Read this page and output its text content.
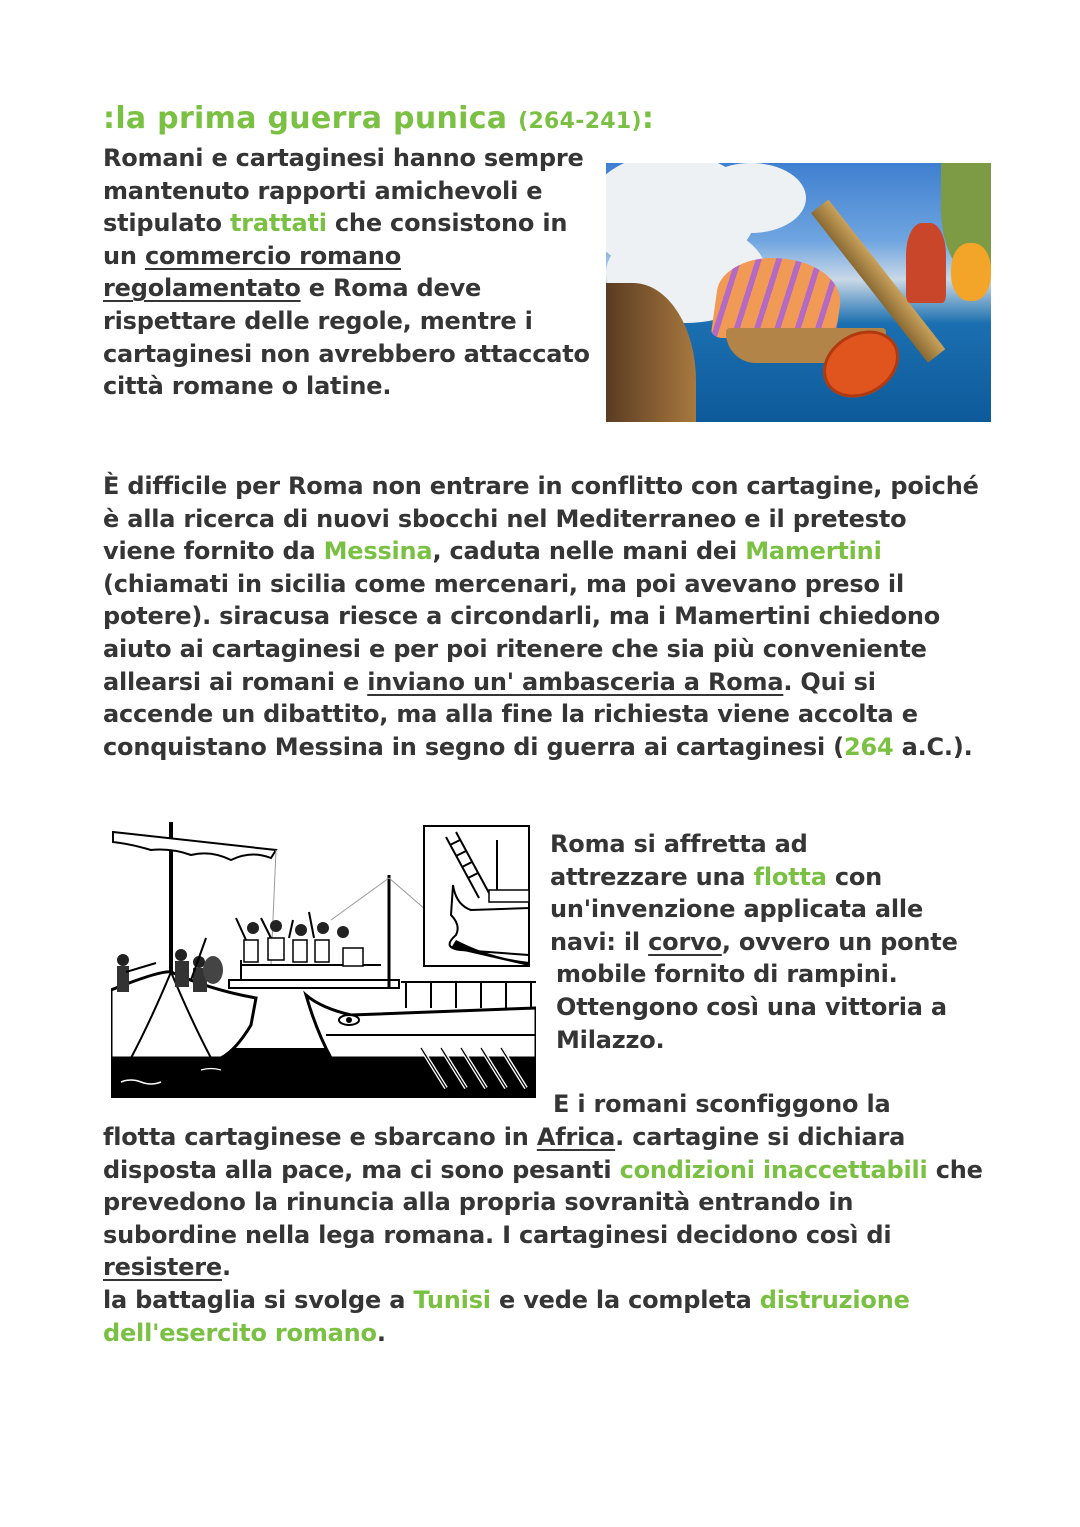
:la prima guerra punica (264-241):

Romani e cartaginesi hanno sempre mantenuto rapporti amichevoli e stipulato trattati che consistono in un commercio romano regolamentato e Roma deve rispettare delle regole, mentre i cartaginesi non avrebbero attaccato città romane o latine.

È difficile per Roma non entrare in conflitto con cartagine, poiché è alla ricerca di nuovi sbocchi nel Mediterraneo e il pretesto viene fornito da Messina, caduta nelle mani dei Mamertini (chiamati in sicilia come mercenari, ma poi avevano preso il potere). siracusa riesce a circondarli, ma i Mamertini chiedono aiuto ai cartaginesi e per poi ritenere che sia più conveniente allearsi ai romani e inviano un' ambasceria a Roma. Qui si accende un dibattito, ma alla fine la richiesta viene accolta e conquistano Messina in segno di guerra ai cartaginesi (264 a.C.).

Roma si affretta ad
attrezzare una flotta con
un'invenzione applicata alle
navi: il corvo, ovvero un ponte
mobile fornito di rampini.
Ottengono così una vittoria a
Milazzo.
E i romani sconfiggono la

flotta cartaginese e sbarcano in Africa. cartagine si dichiara disposta alla pace, ma ci sono pesanti condizioni inaccettabili che prevedono la rinuncia alla propria sovranità entrando in subordine nella lega romana. I cartaginesi decidono così di resistere.
la battaglia si svolge a Tunisi e vede la completa distruzione dell'esercito romano.
